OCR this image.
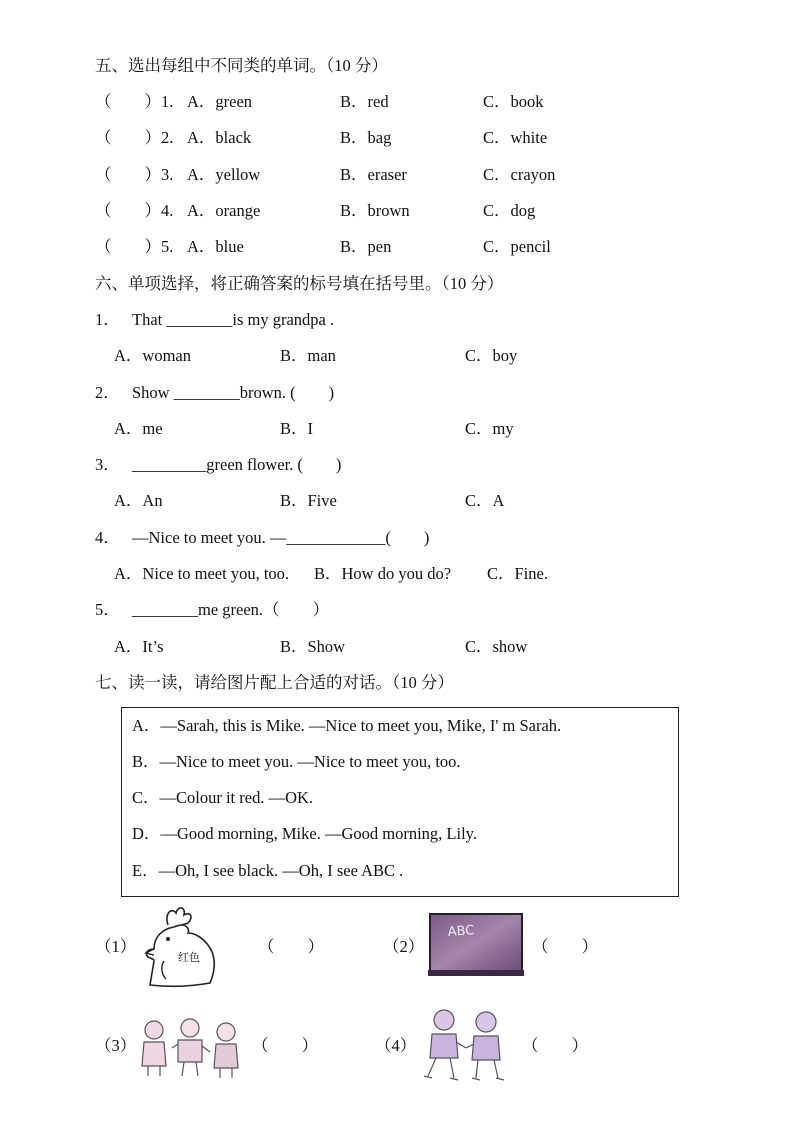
五、选出每组中不同类的单词。（10 分）
（　　）1. A．green	B．red	C．book
（　　）2. A．black	B．bag	C．white
（　　）3. A．yellow	B．eraser	C．crayon
（　　）4. A．orange	B．brown	C．dog
（　　）5. A．blue	B．pen	C．pencil
六、单项选择，将正确答案的标号填在括号里。（10 分）
1． That ________is my grandpa .
A．woman	B．man	C．boy
2． Show ________brown. (　　)
A．me	B．I	C．my
3． _________green flower. (　　)
A．An	B．Five	C．A
4． —Nice to meet you. —____________(　　)
A．Nice to meet you, too. B．How do you do? C．Fine.
5． ________me green.（　　）
A．It’s	B．Show	C．show
七、读一读，请给图片配上合适的对话。（10 分）
A．—Sarah, this is Mike. —Nice to meet you, Mike, I' m Sarah.
B．—Nice to meet you. —Nice to meet you, too.
C．—Colour it red. —OK.
D．—Good morning, Mike. —Good morning, Lily.
E．—Oh, I see black. —Oh, I see ABC .
（1）
红色
（　　）	（2）
ABC
（　　）
（3）	（　　）	（4）	（　　）
